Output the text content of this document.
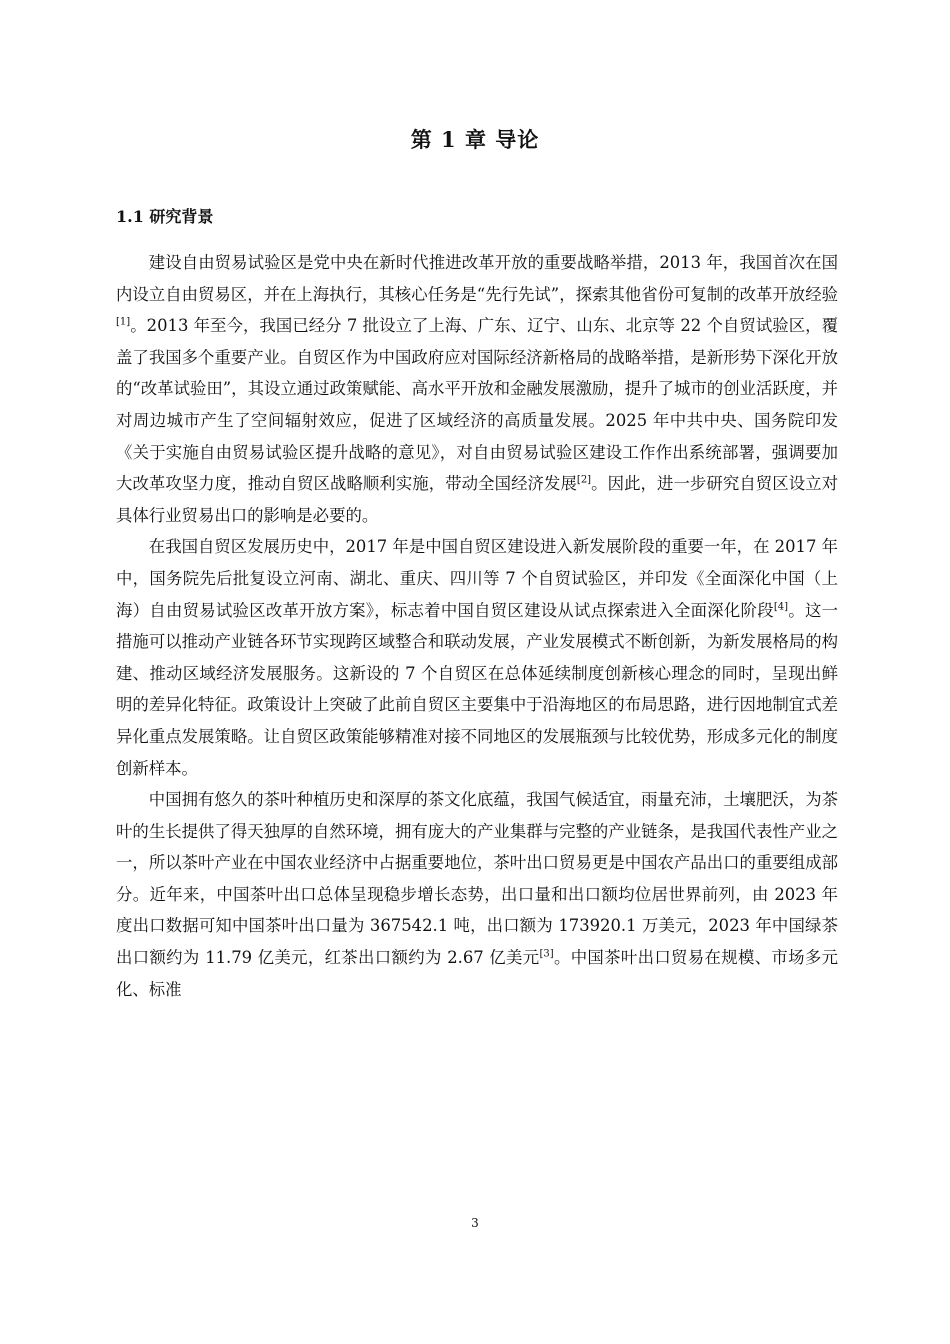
第 1 章 导论
1.1 研究背景

建设自由贸易试验区是党中央在新时代推进改革开放的重要战略举措，2013 年，我国首次在国内设立自由贸易区，并在上海执行，其核心任务是“先行先试”，探索其他省份可复制的改革开放经验[1]。2013 年至今，我国已经分 7 批设立了上海、广东、辽宁、山东、北京等 22 个自贸试验区，覆盖了我国多个重要产业。自贸区作为中国政府应对国际经济新格局的战略举措，是新形势下深化开放的“改革试验田”，其设立通过政策赋能、高水平开放和金融发展激励，提升了城市的创业活跃度，并对周边城市产生了空间辐射效应，促进了区域经济的高质量发展。2025 年中共中央、国务院印发《关于实施自由贸易试验区提升战略的意见》，对自由贸易试验区建设工作作出系统部署，强调要加大改革攻坚力度，推动自贸区战略顺利实施，带动全国经济发展[2]。因此，进一步研究自贸区设立对具体行业贸易出口的影响是必要的。

在我国自贸区发展历史中，2017 年是中国自贸区建设进入新发展阶段的重要一年，在 2017 年中，国务院先后批复设立河南、湖北、重庆、四川等 7 个自贸试验区，并印发《全面深化中国（上海）自由贸易试验区改革开放方案》，标志着中国自贸区建设从试点探索进入全面深化阶段[4]。这一措施可以推动产业链各环节实现跨区域整合和联动发展，产业发展模式不断创新，为新发展格局的构建、推动区域经济发展服务。这新设的 7 个自贸区在总体延续制度创新核心理念的同时，呈现出鲜明的差异化特征。政策设计上突破了此前自贸区主要集中于沿海地区的布局思路，进行因地制宜式差异化重点发展策略。让自贸区政策能够精准对接不同地区的发展瓶颈与比较优势，形成多元化的制度创新样本。

中国拥有悠久的茶叶种植历史和深厚的茶文化底蕴，我国气候适宜，雨量充沛，土壤肥沃，为茶叶的生长提供了得天独厚的自然环境，拥有庞大的产业集群与完整的产业链条，是我国代表性产业之一，所以茶叶产业在中国农业经济中占据重要地位，茶叶出口贸易更是中国农产品出口的重要组成部分。近年来，中国茶叶出口总体呈现稳步增长态势，出口量和出口额均位居世界前列，由 2023 年度出口数据可知中国茶叶出口量为 367542.1 吨，出口额为 173920.1 万美元，2023 年中国绿茶出口额约为 11.79 亿美元，红茶出口额约为 2.67 亿美元[3]。中国茶叶出口贸易在规模、市场多元化、标准

3
